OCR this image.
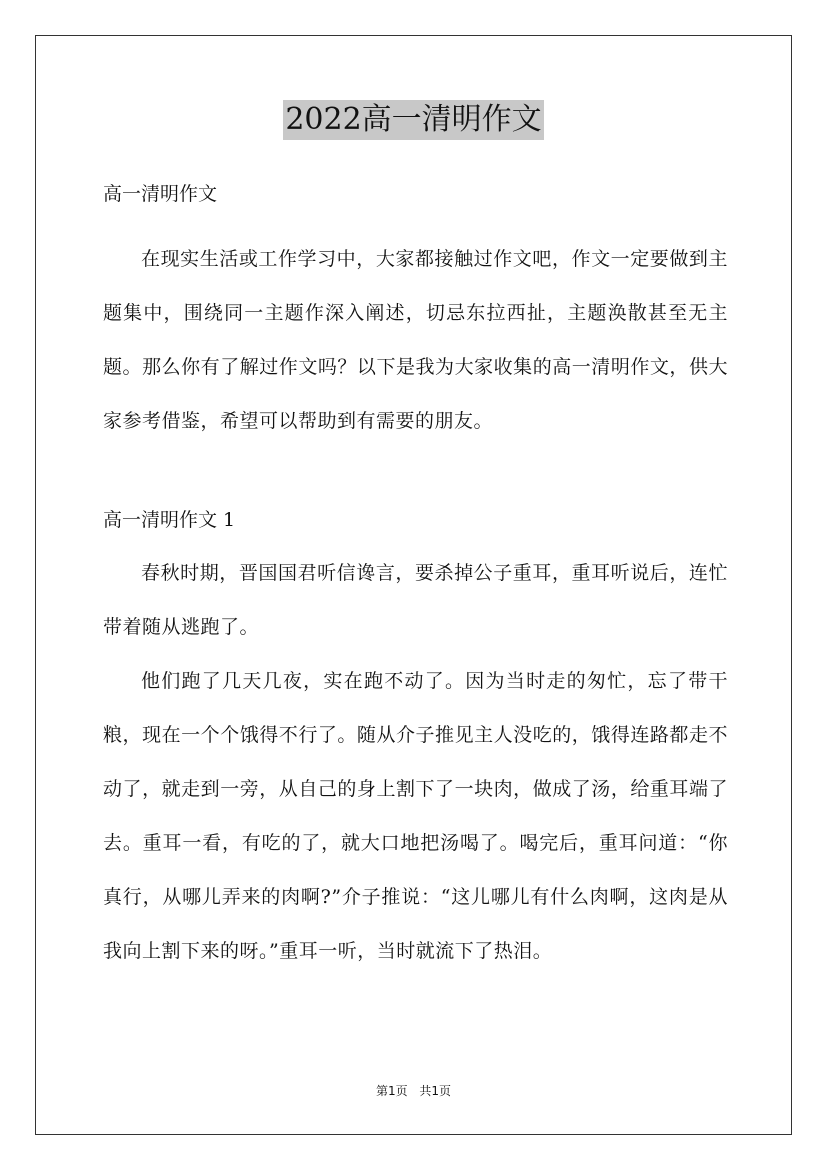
2022高一清明作文

高一清明作文

在现实生活或工作学习中，大家都接触过作文吧，作文一定要做到主题集中，围绕同一主题作深入阐述，切忌东拉西扯，主题涣散甚至无主题。那么你有了解过作文吗？以下是我为大家收集的高一清明作文，供大家参考借鉴，希望可以帮助到有需要的朋友。

高一清明作文 1

春秋时期，晋国国君听信谗言，要杀掉公子重耳，重耳听说后，连忙带着随从逃跑了。

他们跑了几天几夜，实在跑不动了。因为当时走的匆忙，忘了带干粮，现在一个个饿得不行了。随从介子推见主人没吃的，饿得连路都走不动了，就走到一旁，从自己的身上割下了一块肉，做成了汤，给重耳端了去。重耳一看，有吃的了，就大口地把汤喝了。喝完后，重耳问道：“你真行，从哪儿弄来的肉啊?”介子推说：“这儿哪儿有什么肉啊，这肉是从我向上割下来的呀。”重耳一听，当时就流下了热泪。

第1页 共1页
